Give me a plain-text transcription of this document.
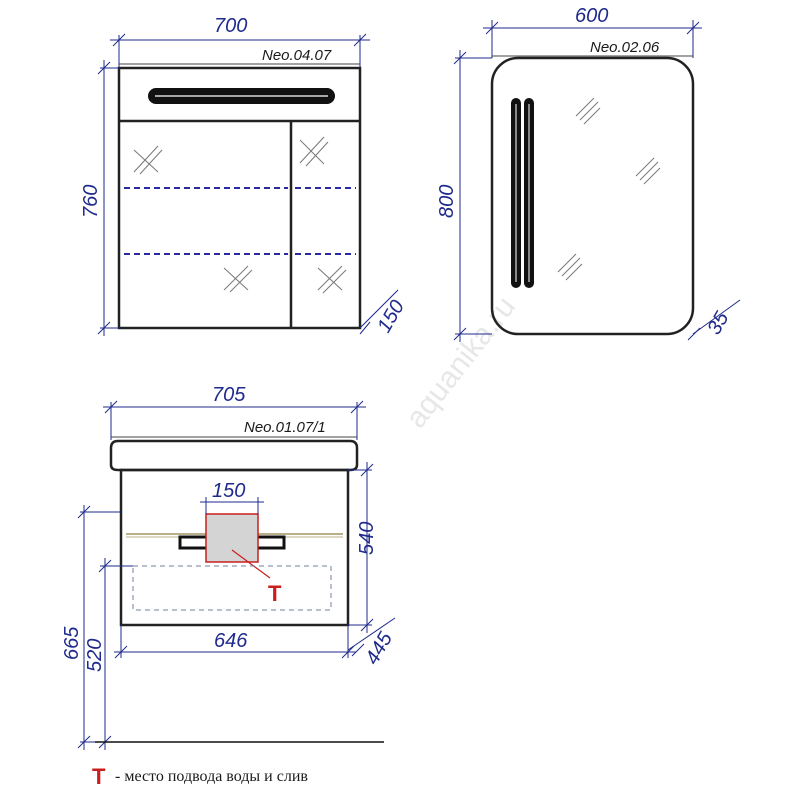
aquanika.ru
700
Neo.04.07
760
150
600
Neo.02.06
800
35
705
Neo.01.07/1
150
T
540
445
646
665 520
T - место подвода воды и слив
